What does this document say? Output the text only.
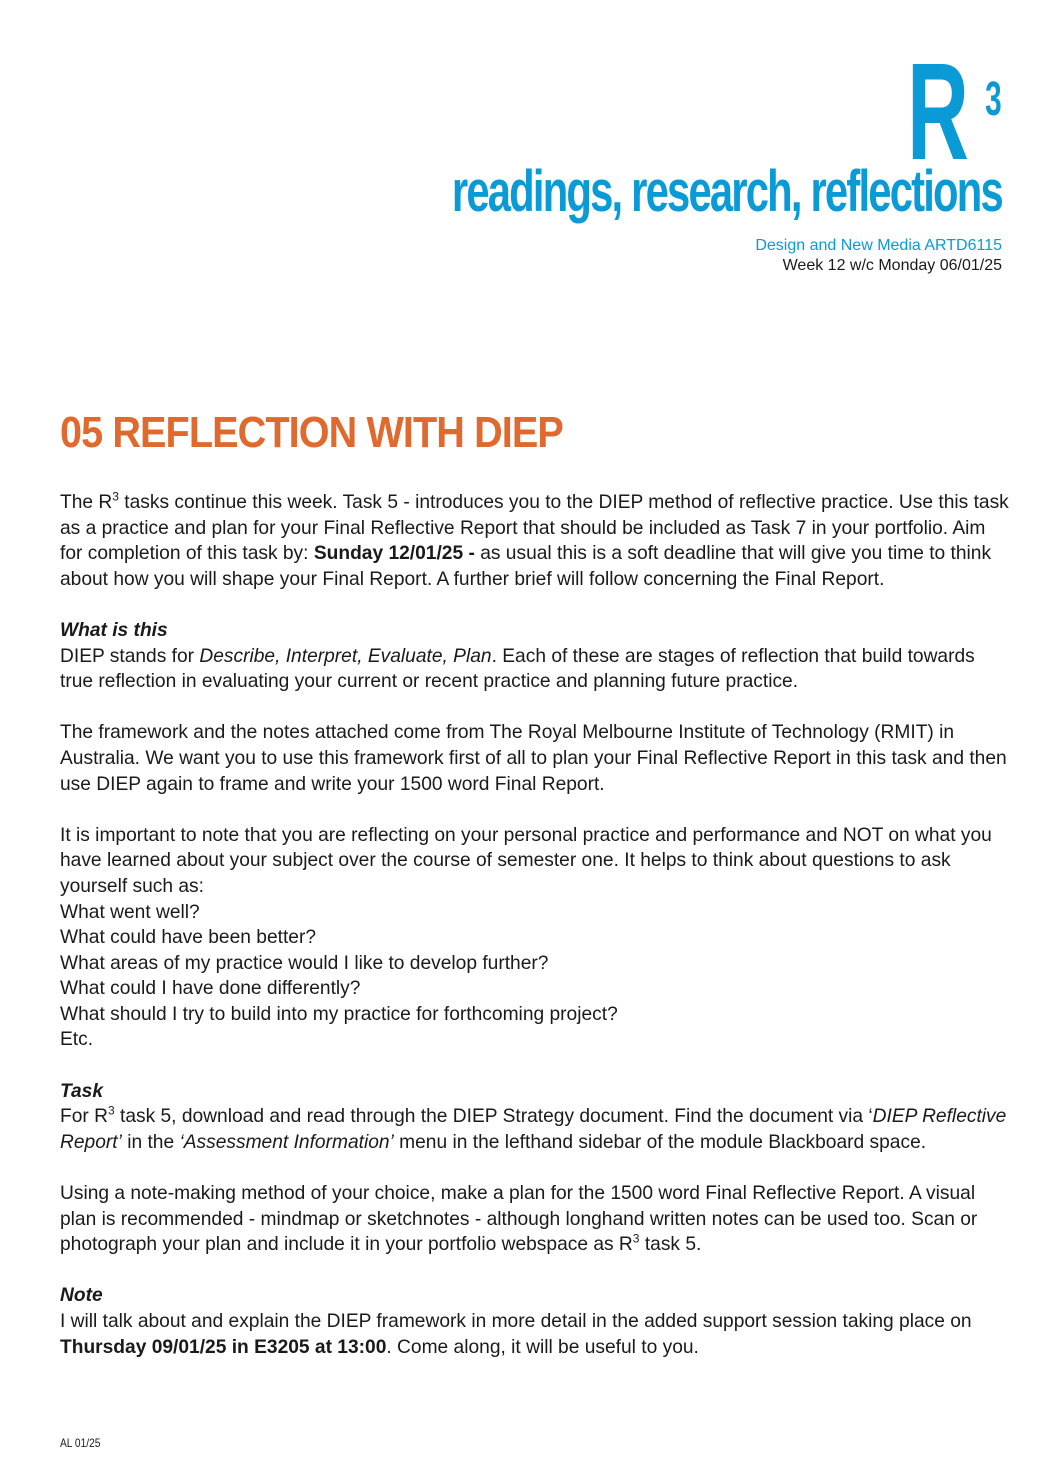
R 3
readings, research, reflections
Design and New Media ARTD6115
Week 12 w/c Monday 06/01/25
05 REFLECTION WITH DIEP

The $R^3$ tasks continue this week. Task 5 - introduces you to the DIEP method of reflective practice. Use this task as a practice and plan for your Final Reflective Report that should be included as Task 7 in your portfolio. Aim for completion of this task by: Sunday 12/01/25 - as usual this is a soft deadline that will give you time to think about how you will shape your Final Report. A further brief will follow concerning the Final Report.

What is this
DIEP stands for Describe, Interpret, Evaluate, Plan. Each of these are stages of reflection that build towards true reflection in evaluating your current or recent practice and planning future practice.

The framework and the notes attached come from The Royal Melbourne Institute of Technology (RMIT) in Australia. We want you to use this framework first of all to plan your Final Reflective Report in this task and then use DIEP again to frame and write your 1500 word Final Report.

It is important to note that you are reflecting on your personal practice and performance and NOT on what you have learned about your subject over the course of semester one. It helps to think about questions to ask yourself such as:
What went well?
What could have been better?
What areas of my practice would I like to develop further?
What could I have done differently?
What should I try to build into my practice for forthcoming project?
Etc.

Task
For $R^3$ task 5, download and read through the DIEP Strategy document. Find the document via ‘DIEP Reflective Report’ in the ‘Assessment Information’ menu in the lefthand sidebar of the module Blackboard space.

Using a note-making method of your choice, make a plan for the 1500 word Final Reflective Report. A visual plan is recommended - mindmap or sketchnotes - although longhand written notes can be used too. Scan or photograph your plan and include it in your portfolio webspace as $R^3$ task 5.

Note
I will talk about and explain the DIEP framework in more detail in the added support session taking place on Thursday 09/01/25 in E3205 at 13:00. Come along, it will be useful to you.

AL 01/25
